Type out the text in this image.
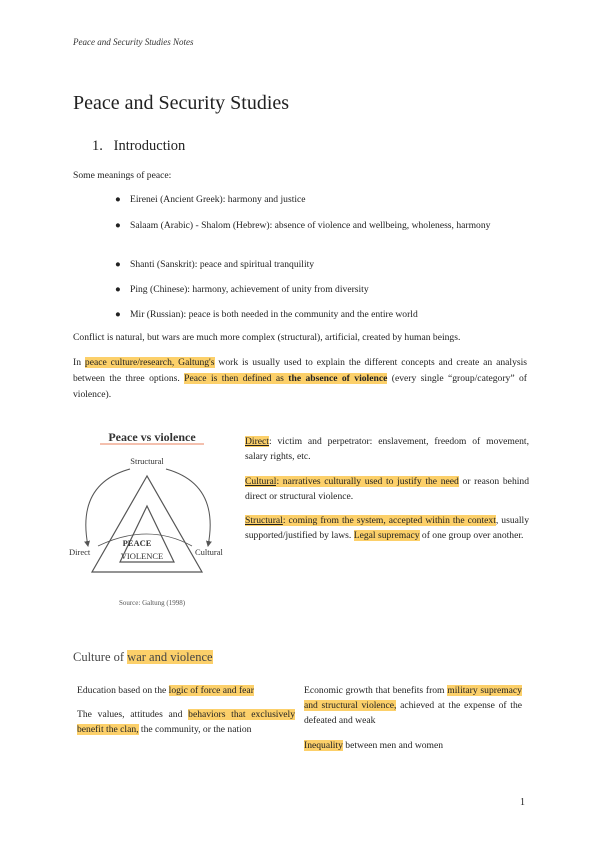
Peace and Security Studies Notes
Peace and Security Studies
1. Introduction
Some meanings of peace:
● Eirenei (Ancient Greek): harmony and justice
● Salaam (Arabic) - Shalom (Hebrew): absence of violence and wellbeing, wholeness, harmony
● Shanti (Sanskrit): peace and spiritual tranquility
● Ping (Chinese): harmony, achievement of unity from diversity
● Mir (Russian): peace is both needed in the community and the entire world
Conflict is natural, but wars are much more complex (structural), artificial, created by human beings.
In peace culture/research, Galtung's work is usually used to explain the different concepts and create an analysis between the three options. Peace is then defined as the absence of violence (every single “group/category” of violence).
Peace vs violence
Structural
Direct	Cultural
PEACE
VIOLENCE
Source: Galtung (1998)
Direct: victim and perpetrator: enslavement, freedom of movement, salary rights, etc.
Cultural: narratives culturally used to justify the need or reason behind direct or structural violence.
Structural: coming from the system, accepted within the context, usually supported/justified by laws. Legal supremacy of one group over another.
Culture of war and violence
Education based on the logic of force and fear
The values, attitudes and behaviors that exclusively benefit the clan, the community, or the nation
Economic growth that benefits from military supremacy and structural violence, achieved at the expense of the defeated and weak
Inequality between men and women
1
